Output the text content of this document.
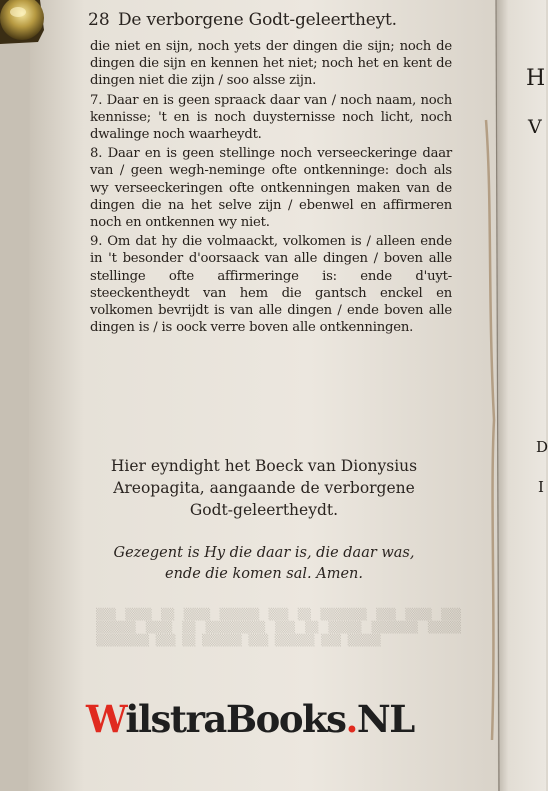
28 De verborgene Godt-geleertheyt.

die niet en sijn, noch yets der dingen die sijn; noch de dingen die sijn en kennen het niet; noch het en kent de dingen niet die zijn / soo alsse zijn.

7. Daar en is geen spraack daar van / noch naam, noch kennisse; 't en is noch duysternisse noch licht, noch dwalinge noch waarheydt.

8. Daar en is geen stellinge noch verseeckeringe daar van / geen wegh-neminge ofte ontkenninge: doch als wy verseeckeringen ofte ontkenningen maken van de dingen die na het selve zijn / ebenwel en affirmeren noch en ontkennen wy niet.

9. Om dat hy die volmaackt, volkomen is / alleen ende in 't besonder d'oorsaack van alle dingen / boven alle stellinge ofte affirmeringe is: ende d'uyt-steeckentheydt van hem die gantsch enckel en volkomen bevrijdt is van alle dingen / ende boven alle dingen is / is oock verre boven alle ontkenningen.

Hier eyndight het Boeck van Dionysius
Areopagita, aangaande de verborgene
Godt-geleertheydt.
Gezegent is Hy die daar is, die daar was,
ende die komen sal. Amen.
▒▒▒ ▒▒▒▒ ▒▒ ▒▒▒▒ ▒▒▒▒▒▒ ▒▒▒ ▒▒ ▒▒▒▒▒▒▒ ▒▒▒ ▒▒▒▒ ▒▒▒ ▒▒▒▒▒▒ ▒▒▒▒ ▒▒ ▒▒▒▒▒▒▒▒▒ ▒▒▒ ▒▒ ▒▒▒▒▒ ▒▒▒▒▒▒▒ ▒▒▒▒▒ ▒▒▒▒▒▒▒▒ ▒▒▒ ▒▒ ▒▒▒▒▒▒ ▒▒▒ ▒▒▒▒▒▒ ▒▒▒ ▒▒▒▒▒
WilstraBooks.NL
H
V
D
I
